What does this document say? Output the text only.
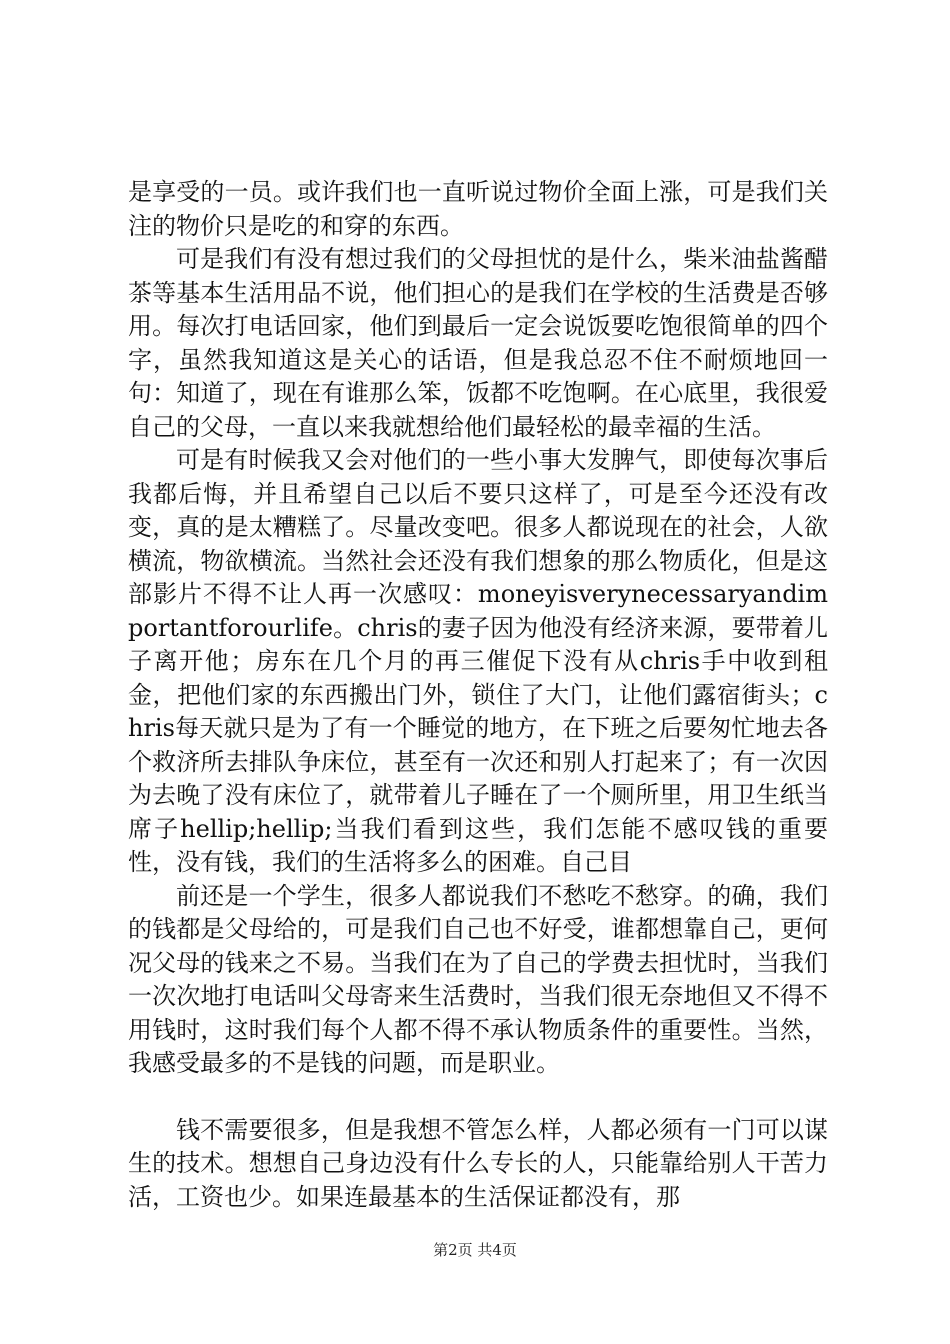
是享受的一员。或许我们也一直听说过物价全面上涨，可是我们关注的物价只是吃的和穿的东西。

可是我们有没有想过我们的父母担忧的是什么，柴米油盐酱醋茶等基本生活用品不说，他们担心的是我们在学校的生活费是否够用。每次打电话回家，他们到最后一定会说饭要吃饱很简单的四个字，虽然我知道这是关心的话语，但是我总忍不住不耐烦地回一句：知道了，现在有谁那么笨，饭都不吃饱啊。在心底里，我很爱自己的父母，一直以来我就想给他们最轻松的最幸福的生活。

可是有时候我又会对他们的一些小事大发脾气，即使每次事后我都后悔，并且希望自己以后不要只这样了，可是至今还没有改变，真的是太糟糕了。尽量改变吧。很多人都说现在的社会，人欲横流，物欲横流。当然社会还没有我们想象的那么物质化，但是这部影片不得不让人再一次感叹：moneyisverynecessaryandimportantforourlife。chris的妻子因为他没有经济来源，要带着儿子离开他；房东在几个月的再三催促下没有从chris手中收到租金，把他们家的东西搬出门外，锁住了大门，让他们露宿街头；chris每天就只是为了有一个睡觉的地方，在下班之后要匆忙地去各个救济所去排队争床位，甚至有一次还和别人打起来了；有一次因为去晚了没有床位了，就带着儿子睡在了一个厕所里，用卫生纸当席子hellip;hellip;当我们看到这些，我们怎能不感叹钱的重要性，没有钱，我们的生活将多么的困难。自己目

前还是一个学生，很多人都说我们不愁吃不愁穿。的确，我们的钱都是父母给的，可是我们自己也不好受，谁都想靠自己，更何况父母的钱来之不易。当我们在为了自己的学费去担忧时，当我们一次次地打电话叫父母寄来生活费时，当我们很无奈地但又不得不用钱时，这时我们每个人都不得不承认物质条件的重要性。当然，我感受最多的不是钱的问题，而是职业。

钱不需要很多，但是我想不管怎么样，人都必须有一门可以谋生的技术。想想自己身边没有什么专长的人，只能靠给别人干苦力活，工资也少。如果连最基本的生活保证都没有，那

第2页 共4页
